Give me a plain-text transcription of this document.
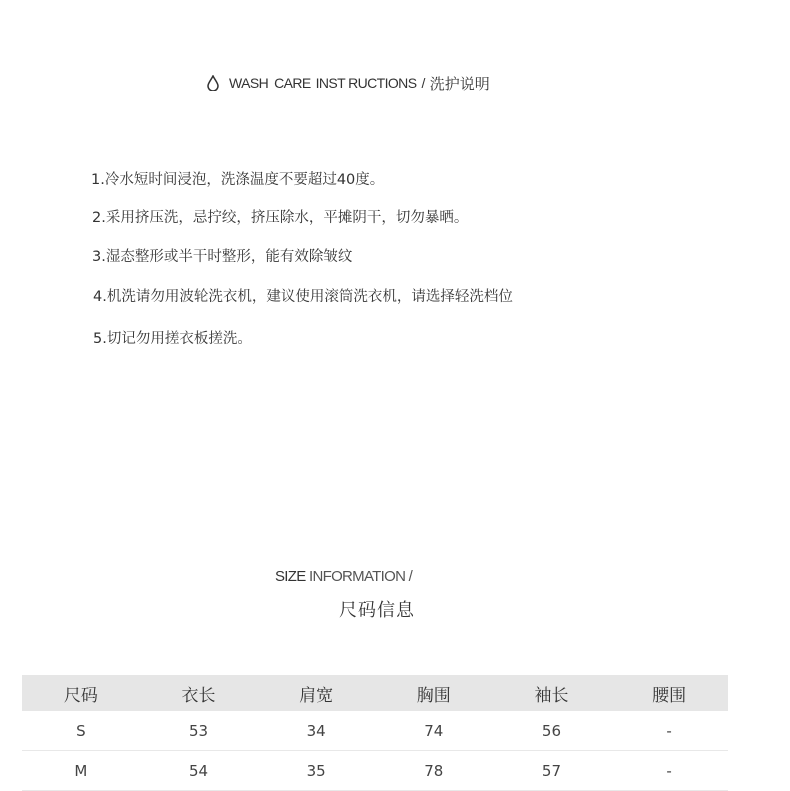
WASH CARE INST RUCTIONS / 洗护说明
1.冷水短时间浸泡，洗涤温度不要超过40度。
2.采用挤压洗，忌拧绞，挤压除水，平摊阴干，切勿暴晒。
3.湿态整形或半干时整形，能有效除皱纹
4.机洗请勿用波轮洗衣机，建议使用滚筒洗衣机，请选择轻洗档位
5.切记勿用搓衣板搓洗。
SIZE INFORMATION /
尺码信息
尺码	衣长	肩宽	胸围	袖长	腰围
S	53	34	74	56	-
M	54	35	78	57	-
